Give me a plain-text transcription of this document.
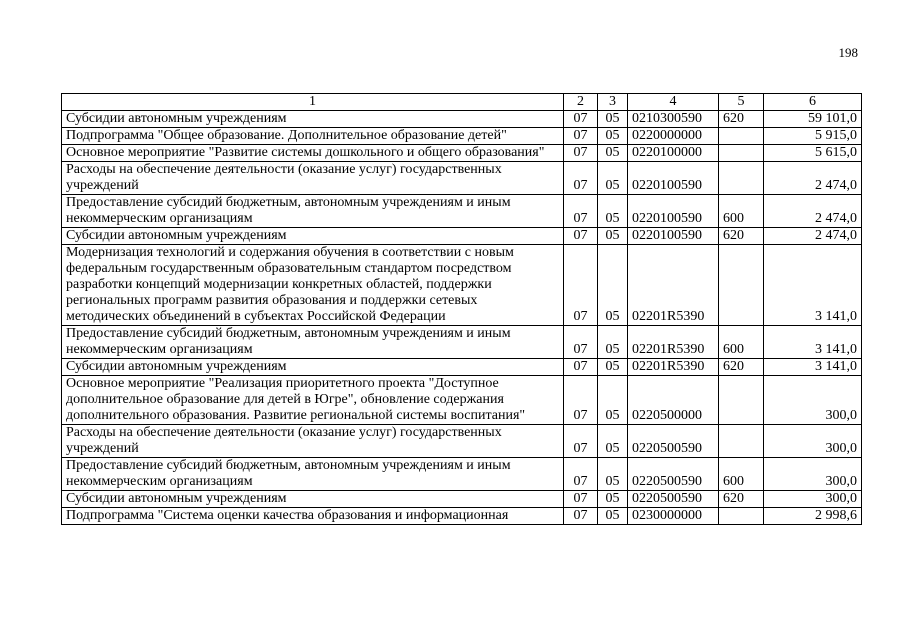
198
1	2	3	4	5	6
Субсидии автономным учреждениям	07	05	0210300590	620	59 101,0
Подпрограмма "Общее образование. Дополнительное образование детей"	07	05	0220000000		5 915,0
Основное мероприятие "Развитие системы дошкольного и общего образования"	07	05	0220100000		5 615,0
Расходы на обеспечение деятельности (оказание услуг) государственных учреждений	07	05	0220100590		2 474,0
Предоставление субсидий бюджетным, автономным учреждениям и иным некоммерческим организациям	07	05	0220100590	600	2 474,0
Субсидии автономным учреждениям	07	05	0220100590	620	2 474,0
Модернизация технологий и содержания обучения в соответствии с новым федеральным государственным образовательным стандартом посредством разработки концепций модернизации конкретных областей, поддержки региональных программ развития образования и поддержки сетевых методических объединений в субъектах Российской Федерации	07	05	02201R5390		3 141,0
Предоставление субсидий бюджетным, автономным учреждениям и иным некоммерческим организациям	07	05	02201R5390	600	3 141,0
Субсидии автономным учреждениям	07	05	02201R5390	620	3 141,0
Основное мероприятие "Реализация приоритетного проекта "Доступное дополнительное образование для детей в Югре", обновление содержания дополнительного образования. Развитие региональной системы воспитания"	07	05	0220500000		300,0
Расходы на обеспечение деятельности (оказание услуг) государственных учреждений	07	05	0220500590		300,0
Предоставление субсидий бюджетным, автономным учреждениям и иным некоммерческим организациям	07	05	0220500590	600	300,0
Субсидии автономным учреждениям	07	05	0220500590	620	300,0
Подпрограмма "Система оценки качества образования и информационная	07	05	0230000000		2 998,6
